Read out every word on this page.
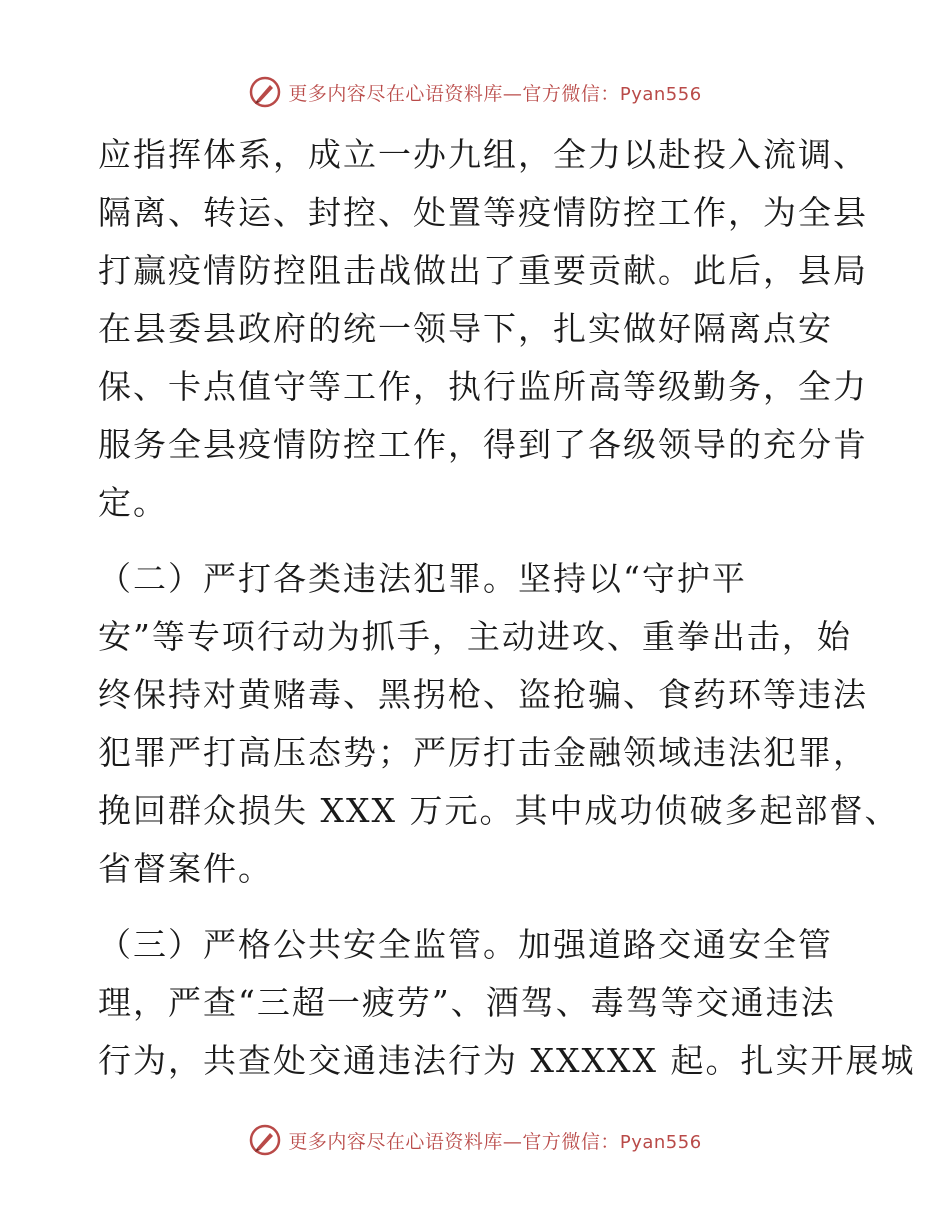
更多内容尽在心语资料库—官方微信：Pyan556
应指挥体系，成立一办九组，全力以赴投入流调、
隔离、转运、封控、处置等疫情防控工作，为全县
打赢疫情防控阻击战做出了重要贡献。此后，县局
在县委县政府的统一领导下，扎实做好隔离点安
保、卡点值守等工作，执行监所高等级勤务，全力
服务全县疫情防控工作，得到了各级领导的充分肯
定。
（二）严打各类违法犯罪。坚持以“守护平
安”等专项行动为抓手，主动进攻、重拳出击，始
终保持对黄赌毒、黑拐枪、盗抢骗、食药环等违法
犯罪严打高压态势；严厉打击金融领域违法犯罪，
挽回群众损失 XXX 万元。其中成功侦破多起部督、
省督案件。
（三）严格公共安全监管。加强道路交通安全管
理，严查“三超一疲劳”、酒驾、毒驾等交通违法
行为，共查处交通违法行为 XXXXX 起。扎实开展城
更多内容尽在心语资料库—官方微信：Pyan556
